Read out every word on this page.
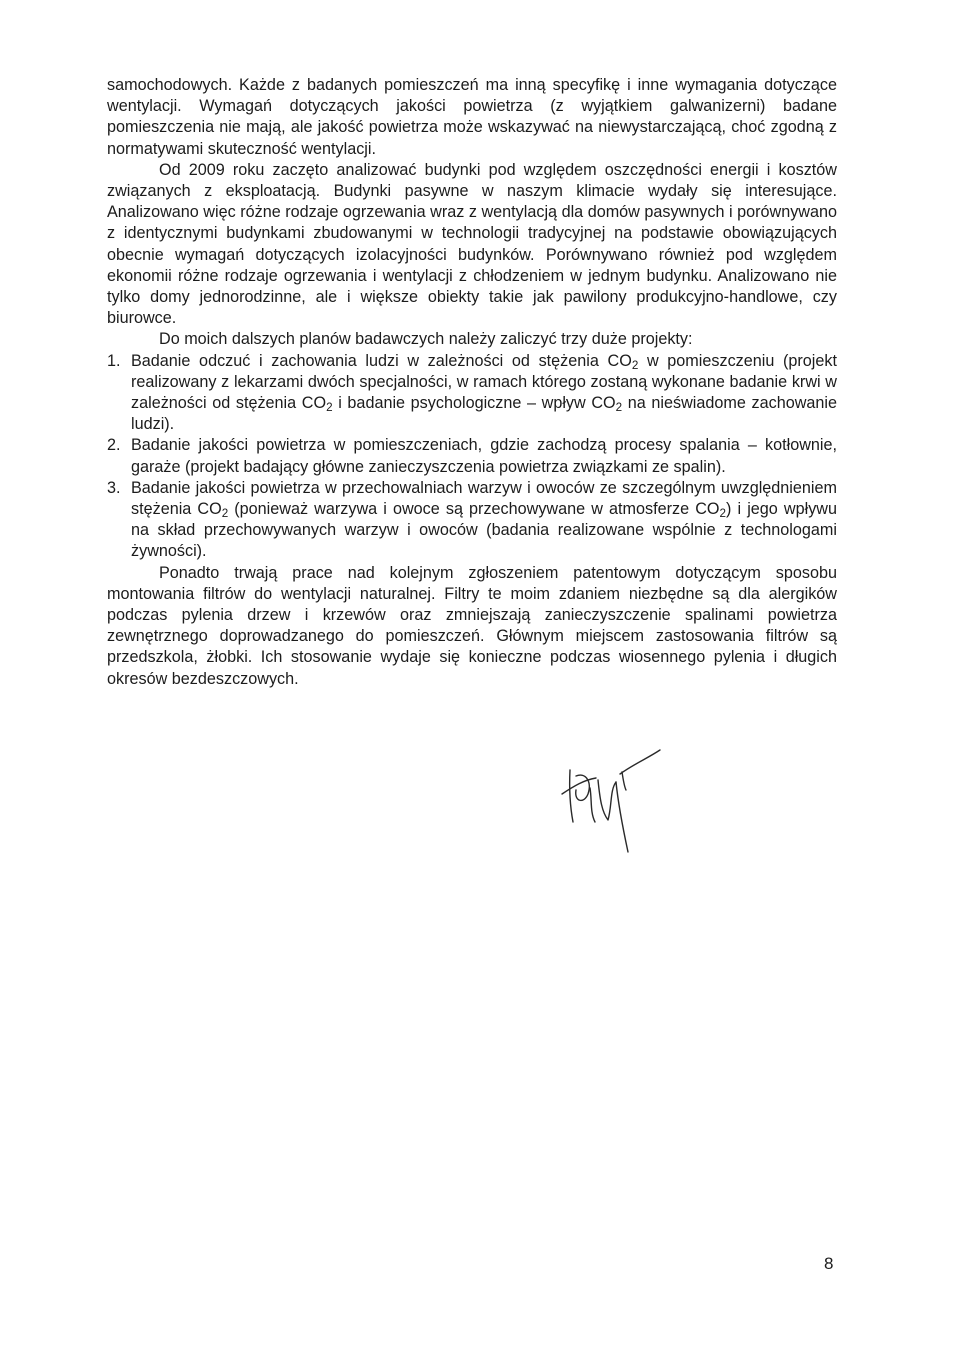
samochodowych. Każde z badanych pomieszczeń ma inną specyfikę i inne wymagania dotyczące wentylacji. Wymagań dotyczących jakości powietrza (z wyjątkiem galwanizerni) badane pomieszczenia nie mają, ale jakość powietrza może wskazywać na niewystarczającą, choć zgodną z normatywami skuteczność wentylacji.

Od 2009 roku zaczęto analizować budynki pod względem oszczędności energii i kosztów związanych z eksploatacją. Budynki pasywne w naszym klimacie wydały się interesujące. Analizowano więc różne rodzaje ogrzewania wraz z wentylacją dla domów pasywnych i porównywano z identycznymi budynkami zbudowanymi w technologii tradycyjnej na podstawie obowiązujących obecnie wymagań dotyczących izolacyjności budynków. Porównywano również pod względem ekonomii różne rodzaje ogrzewania i wentylacji z chłodzeniem w jednym budynku. Analizowano nie tylko domy jednorodzinne, ale i większe obiekty takie jak pawilony produkcyjno-handlowe, czy biurowce.

Do moich dalszych planów badawczych należy zaliczyć trzy duże projekty:

1. Badanie odczuć i zachowania ludzi w zależności od stężenia $CO_2$ w pomieszczeniu (projekt realizowany z lekarzami dwóch specjalności, w ramach którego zostaną wykonane badanie krwi w zależności od stężenia $CO_2$ i badanie psychologiczne – wpływ $CO_2$ na nieświadome zachowanie ludzi).
2. Badanie jakości powietrza w pomieszczeniach, gdzie zachodzą procesy spalania – kotłownie, garaże (projekt badający główne zanieczyszczenia powietrza związkami ze spalin).
3. Badanie jakości powietrza w przechowalniach warzyw i owoców ze szczególnym uwzględnieniem stężenia $CO_2$ (ponieważ warzywa i owoce są przechowywane w atmosferze $CO_2$) i jego wpływu na skład przechowywanych warzyw i owoców (badania realizowane wspólnie z technologami żywności).

Ponadto trwają prace nad kolejnym zgłoszeniem patentowym dotyczącym sposobu montowania filtrów do wentylacji naturalnej. Filtry te moim zdaniem niezbędne są dla alergików podczas pylenia drzew i krzewów oraz zmniejszają zanieczyszczenie spalinami powietrza zewnętrznego doprowadzanego do pomieszczeń. Głównym miejscem zastosowania filtrów są przedszkola, żłobki. Ich stosowanie wydaje się konieczne podczas wiosennego pylenia i długich okresów bezdeszczowych.

8
